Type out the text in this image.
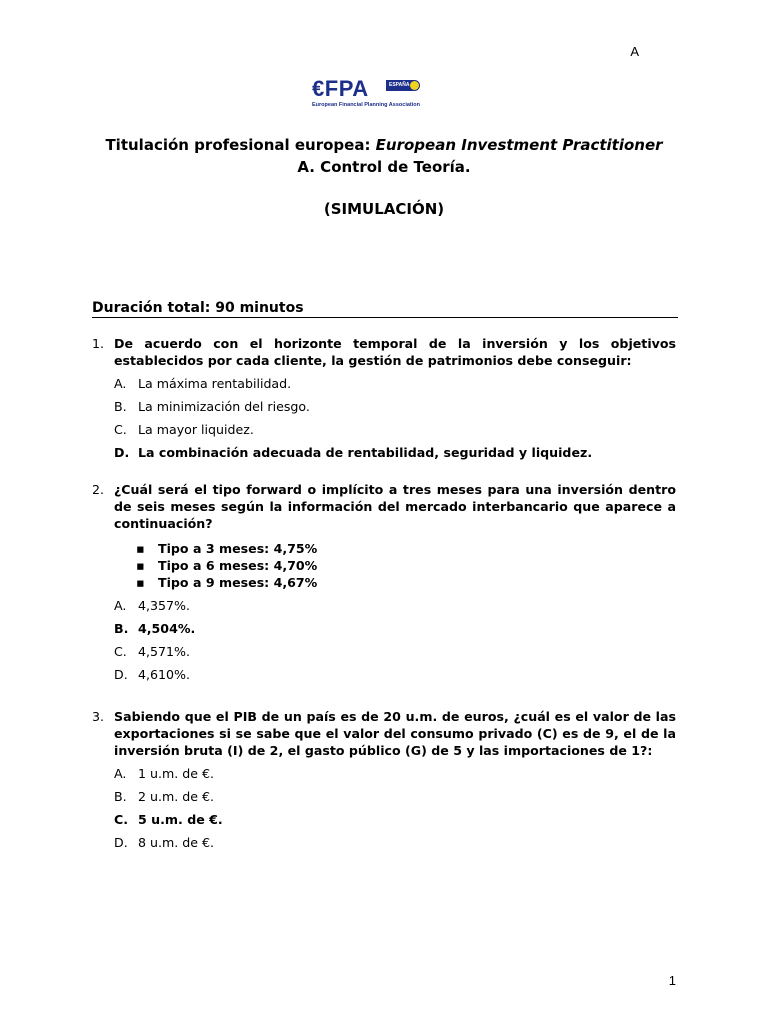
A
€FPA	ESPAÑA
European Financial Planning Association
Titulación profesional europea: European Investment Practitioner
A. Control de Teoría.
(SIMULACIÓN)
Duración total: 90 minutos
1. De acuerdo con el horizonte temporal de la inversión y los objetivos establecidos por cada cliente, la gestión de patrimonios debe conseguir:
A. La máxima rentabilidad.
B. La minimización del riesgo.
C. La mayor liquidez.
D. La combinación adecuada de rentabilidad, seguridad y liquidez.
2. ¿Cuál será el tipo forward o implícito a tres meses para una inversión dentro de seis meses según la información del mercado interbancario que aparece a continuación?
▪	Tipo a 3 meses: 4,75%
▪	Tipo a 6 meses: 4,70%
▪	Tipo a 9 meses: 4,67%
A. 4,357%.
B. 4,504%.
C. 4,571%.
D. 4,610%.
3. Sabiendo que el PIB de un país es de 20 u.m. de euros, ¿cuál es el valor de las exportaciones si se sabe que el valor del consumo privado (C) es de 9, el de la inversión bruta (I) de 2, el gasto público (G) de 5 y las importaciones de 1?:
A. 1 u.m. de €.
B. 2 u.m. de €.
C. 5 u.m. de €.
D. 8 u.m. de €.
1
